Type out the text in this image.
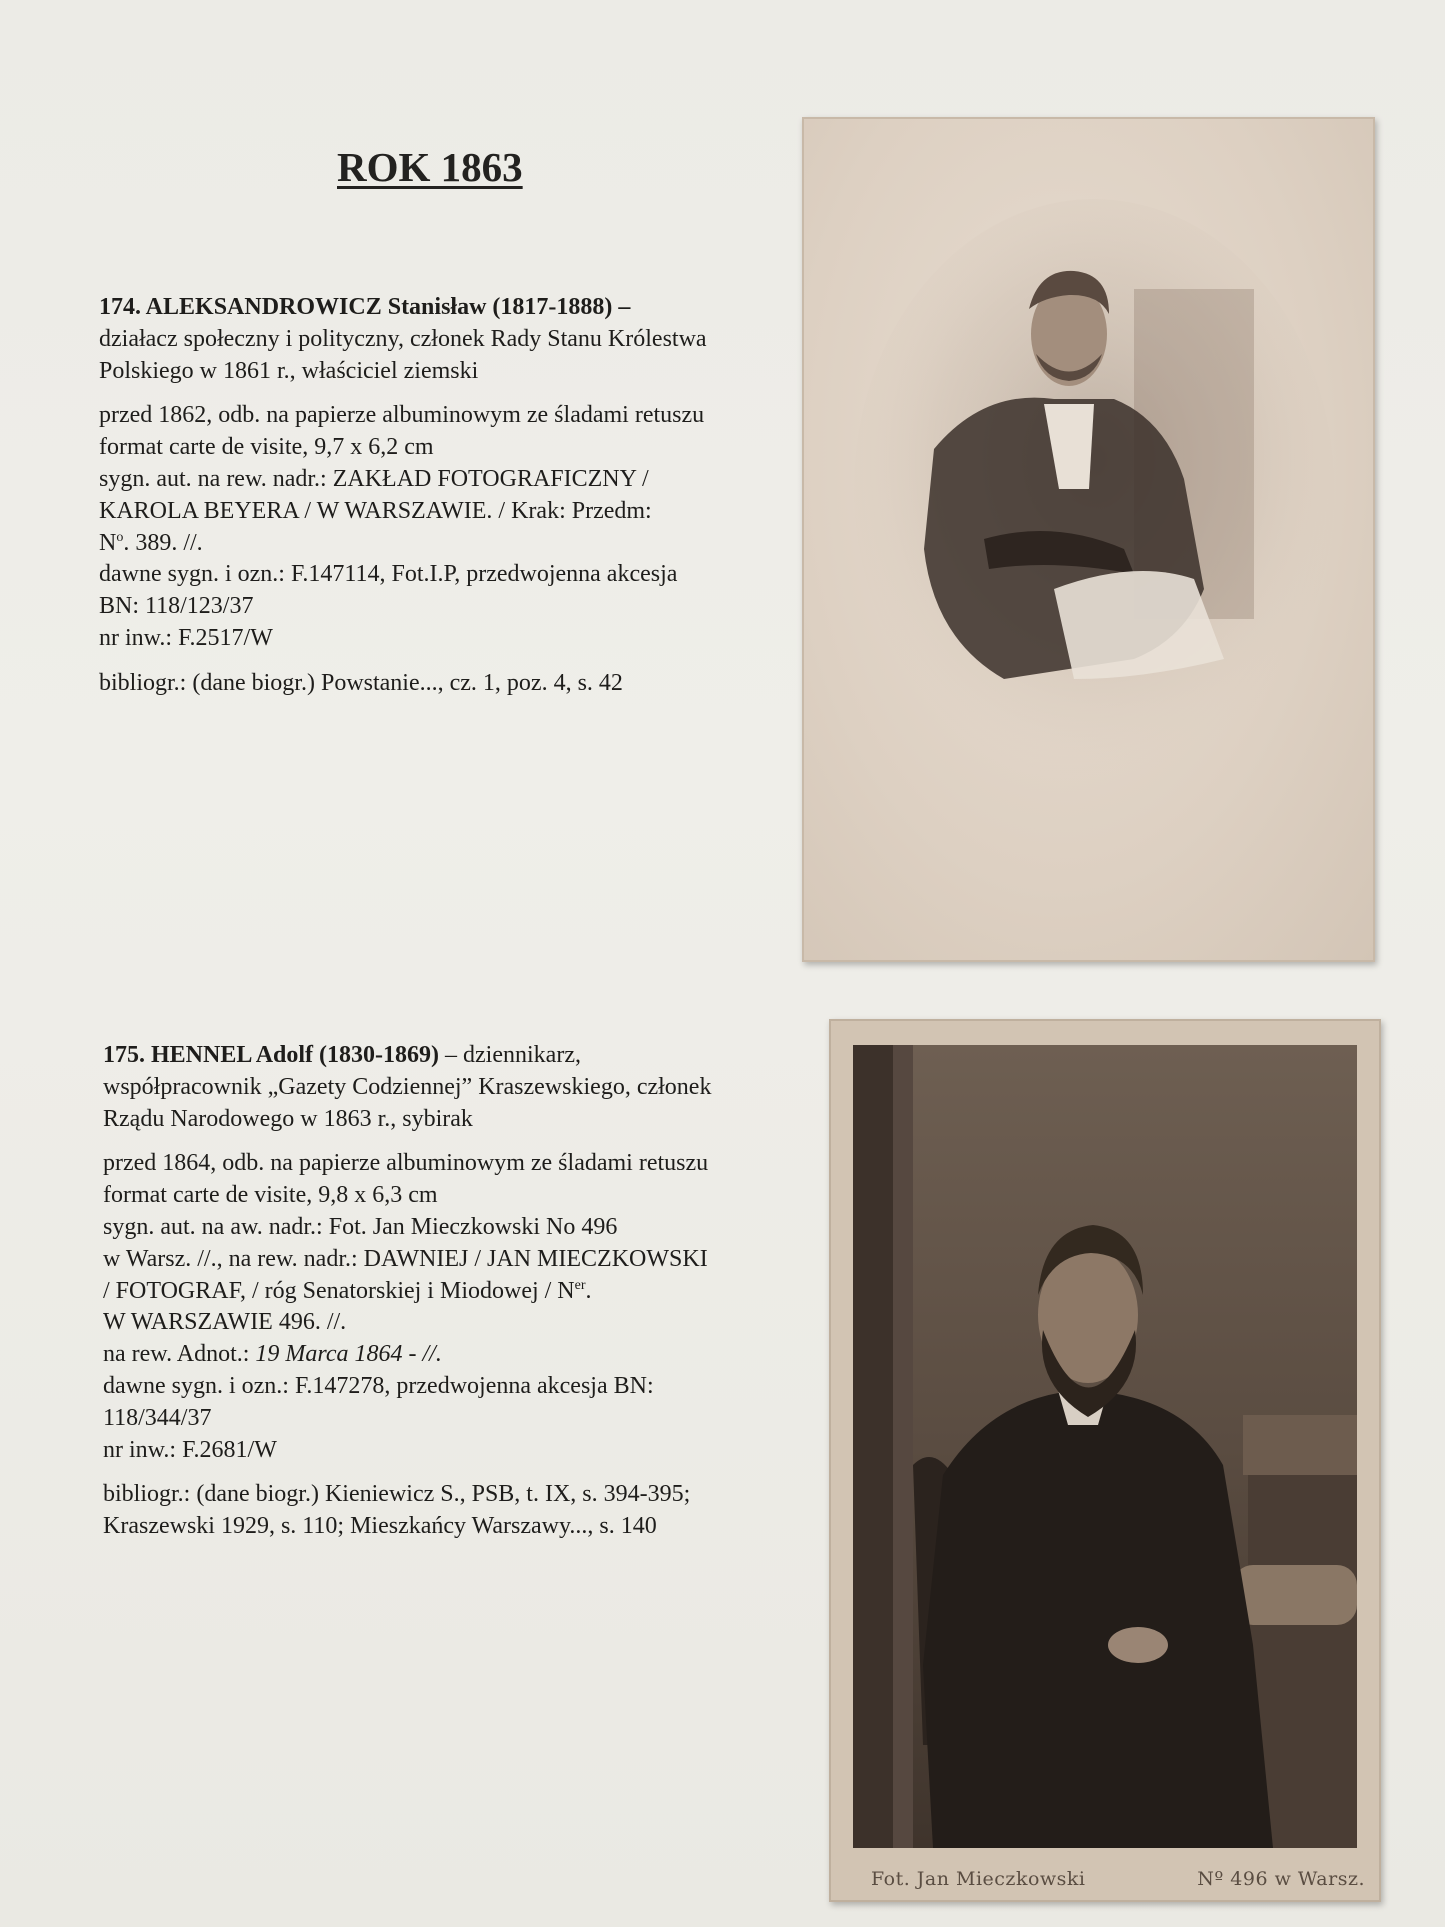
ROK 1863
174. ALEKSANDROWICZ Stanisław (1817-1888) –
działacz społeczny i polityczny, członek Rady Stanu Królestwa
Polskiego w 1861 r., właściciel ziemski
przed 1862, odb. na papierze albuminowym ze śladami retuszu
format carte de visite, 9,7 x 6,2 cm
sygn. aut. na rew. nadr.: ZAKŁAD FOTOGRAFICZNY /
KAROLA BEYERA / W WARSZAWIE. / Krak: Przedm:
$N^o$. 389. //.
dawne sygn. i ozn.: F.147114, Fot.I.P, przedwojenna akcesja
BN: 118/123/37
nr inw.: F.2517/W
bibliogr.: (dane biogr.) Powstanie..., cz. 1, poz. 4, s. 42
175. HENNEL Adolf (1830-1869) – dziennikarz,
współpracownik „Gazety Codziennej” Kraszewskiego, członek
Rządu Narodowego w 1863 r., sybirak
przed 1864, odb. na papierze albuminowym ze śladami retuszu
format carte de visite, 9,8 x 6,3 cm
sygn. aut. na aw. nadr.: Fot. Jan Mieczkowski No 496
w Warsz. //., na rew. nadr.: DAWNIEJ / JAN MIECZKOWSKI
/ FOTOGRAF, / róg Senatorskiej i Miodowej / $N^{er}$.
W WARSZAWIE 496. //.
na rew. Adnot.: 19 Marca 1864 - //.
dawne sygn. i ozn.: F.147278, przedwojenna akcesja BN:
118/344/37
nr inw.: F.2681/W
bibliogr.: (dane biogr.) Kieniewicz S., PSB, t. IX, s. 394-395;
Kraszewski 1929, s. 110; Mieszkańcy Warszawy..., s. 140
Fot. Jan Mieczkowski	Nº 496 w Warsz.
